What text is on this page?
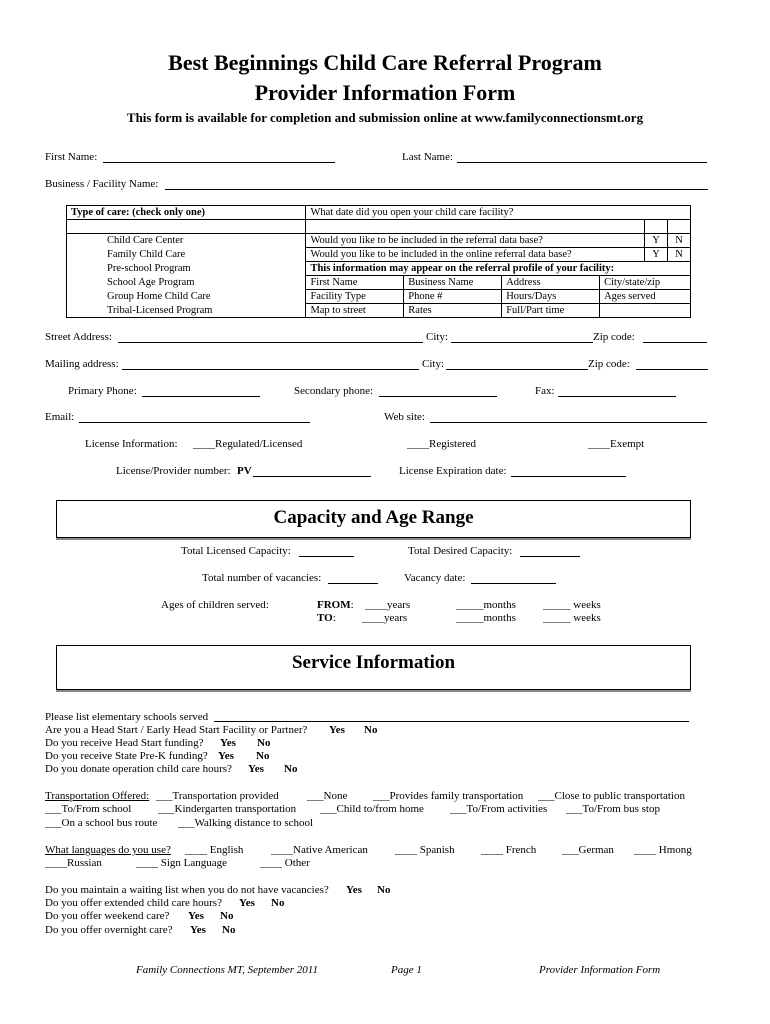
Best Beginnings Child Care Referral Program
Provider Information Form
This form is available for completion and submission online at www.familyconnectionsmt.org
First Name:	Last Name:
Business / Facility Name:
Type of care: (check only one)	What date did you open your child care facility?					

Child Care Center	Would you like to be included in the referral data base?				Y	N
Family Child Care	Would you like to be included in the online referral data base?				Y	N
Pre-school Program	This information may appear on the referral profile of your facility:					
School Age Program	First Name	Business Name	Address	City/state/zip		
Group Home Child Care	Facility Type	Phone #	Hours/Days	Ages served		
Tribal-Licensed Program	Map to street	Rates	Full/Part time			
Street Address:	City:	Zip code:
Mailing address:	City:	Zip code:
Primary Phone:	Secondary phone:	Fax:
Email:	Web site:
License Information: ____Regulated/Licensed	____Registered	____Exempt
License/Provider number: PV	License Expiration date:
Capacity and Age Range
Total Licensed Capacity:	Total Desired Capacity:
Total number of vacancies:	Vacancy date:
Ages of children served:	FROM: ____years	_____months _____ weeks
TO: ____years	_____months _____ weeks
Service Information
Please list elementary schools served
Are you a Head Start / Early Head Start Facility or Partner? Yes No
Do you receive Head Start funding? Yes No
Do you receive State Pre-K funding? Yes No
Do you donate operation child care hours? Yes No
Transportation Offered: ___Transportation provided	___None ___Provides family transportation ___Close to public transportation
___To/From school ___Kindergarten transportation ___Child to/from home ___To/From activities ___To/From bus stop
___On a school bus route ___Walking distance to school
What languages do you use? ____ English	____Native American ____ Spanish ____ French ___German ____ Hmong
____Russian	____ Sign Language	____ Other
Do you maintain a waiting list when you do not have vacancies? Yes No
Do you offer extended child care hours? Yes No
Do you offer weekend care? Yes No
Do you offer overnight care? Yes No
Family Connections MT, September 2011	Page 1	Provider Information Form
